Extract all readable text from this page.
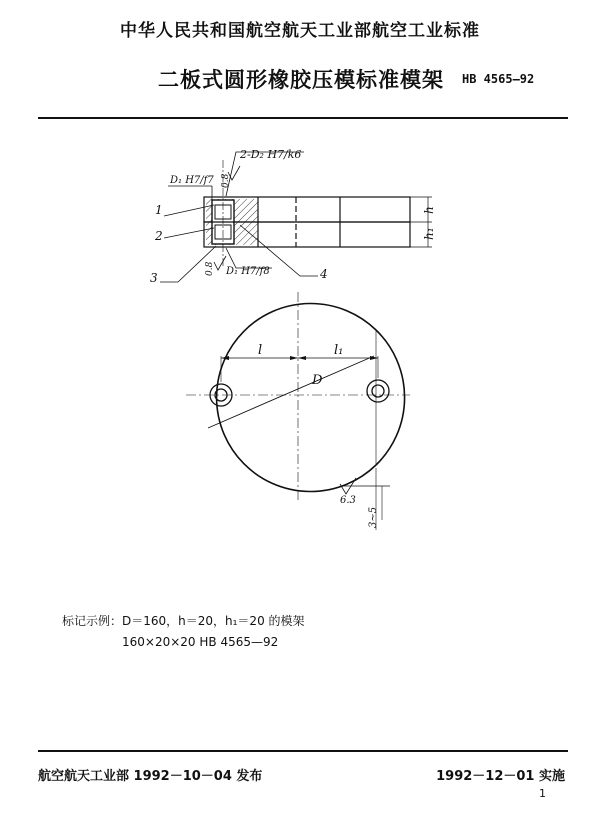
中华人民共和国航空航天工业部航空工业标准
二板式圆形橡胶压模标准模架 HB 4565—92
2-D₂ H7/k6
D₁ H7/f7 0.8
D₁ H7/f8
0.8
h
h₁
1
2
3	4
l	l₁
D
6.3
3~5
标记示例：D＝160，h＝20，h₁＝20 的模架
160×20×20 HB 4565—92
航空航天工业部 1992－10－04 发布	1992－12－01 实施
1
